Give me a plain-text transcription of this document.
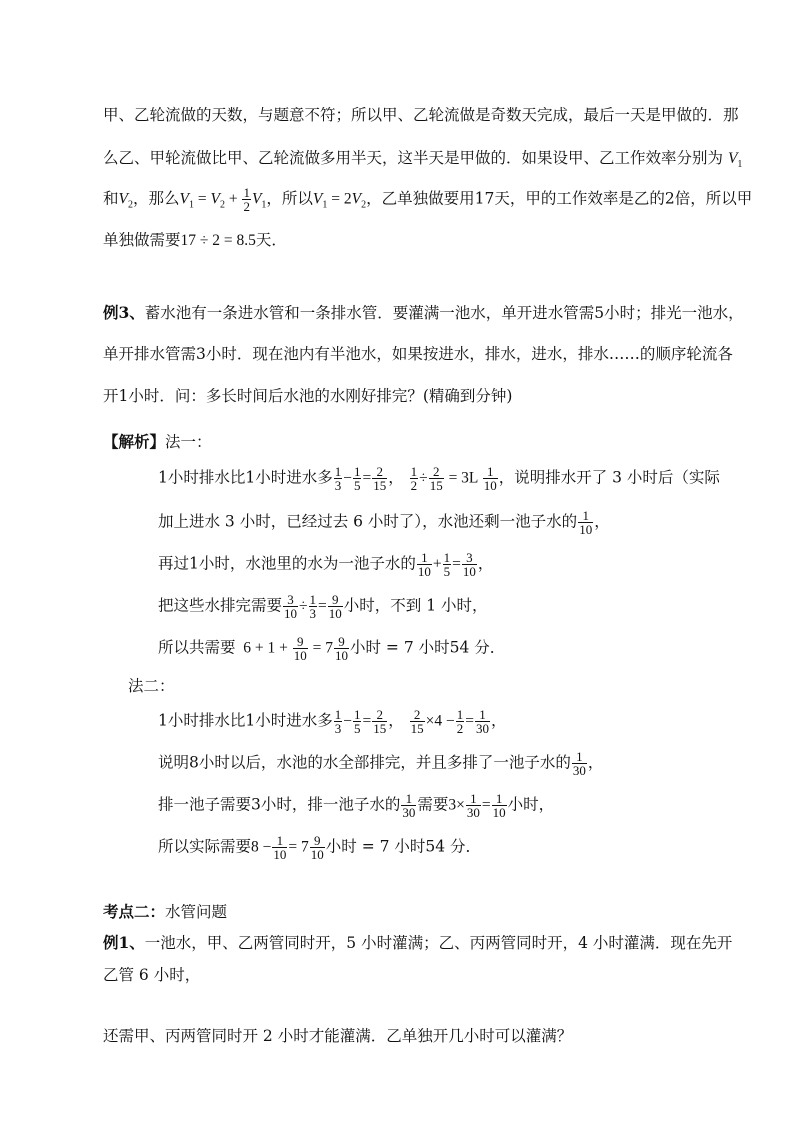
甲、乙轮流做的天数，与题意不符；所以甲、乙轮流做是奇数天完成，最后一天是甲做的．那
么乙、甲轮流做比甲、乙轮流做多用半天，这半天是甲做的．如果设甲、乙工作效率分别为 $V_1$
和$V_2$，那么$V_1 = V_2 + \frac{1}{2} V_1$，所以$V_1 = 2V_2$，乙单独做要用17天，甲的工作效率是乙的2倍，所以甲
单独做需要17 ÷ 2 = 8.5天．
例3、蓄水池有一条进水管和一条排水管．要灌满一池水，单开进水管需5小时；排光一池水，
单开排水管需3小时．现在池内有半池水，如果按进水，排水，进水，排水……的顺序轮流各
开1小时．问：多长时间后水池的水刚好排完？(精确到分钟)
【解析】法一：
1小时排水比1小时进水多 $\frac{1}{3} - \frac{1}{5} = \frac{2}{15}$ ， $\frac{1}{2} \div \frac{2}{15} = 3L \frac{1}{10}$ ，说明排水开了 3 小时后（实际
加上进水 3 小时，已经过去 6 小时了），水池还剩一池子水的 $\frac{1}{10}$ ，
再过1小时，水池里的水为一池子水的 $\frac{1}{10} + \frac{1}{5} = \frac{3}{10}$ ，
把这些水排完需要 $\frac{3}{10} \div \frac{1}{3} = \frac{9}{10}$ 小时，不到 1 小时，
所以共需要  $6 + 1 + \frac{9}{10} = 7 \frac{9}{10}$ 小时 = 7 小时54 分．
法二：
1小时排水比1小时进水多 $\frac{1}{3} - \frac{1}{5} = \frac{2}{15}$ ， $\frac{2}{15} \times 4 - \frac{1}{2} = \frac{1}{30}$ ，
说明8小时以后，水池的水全部排完，并且多排了一池子水的 $\frac{1}{30}$ ，
排一池子需要3小时，排一池子水的 $\frac{1}{30}$ 需要$3\times \frac{1}{30} = \frac{1}{10}$ 小时，
所以实际需要$8 - \frac{1}{10} = 7 \frac{9}{10}$ 小时 = 7 小时54 分．
考点二：水管问题
例1、一池水，甲、乙两管同时开，5 小时灌满；乙、丙两管同时开，4 小时灌满．现在先开
乙管 6 小时，
还需甲、丙两管同时开 2 小时才能灌满．乙单独开几小时可以灌满？
